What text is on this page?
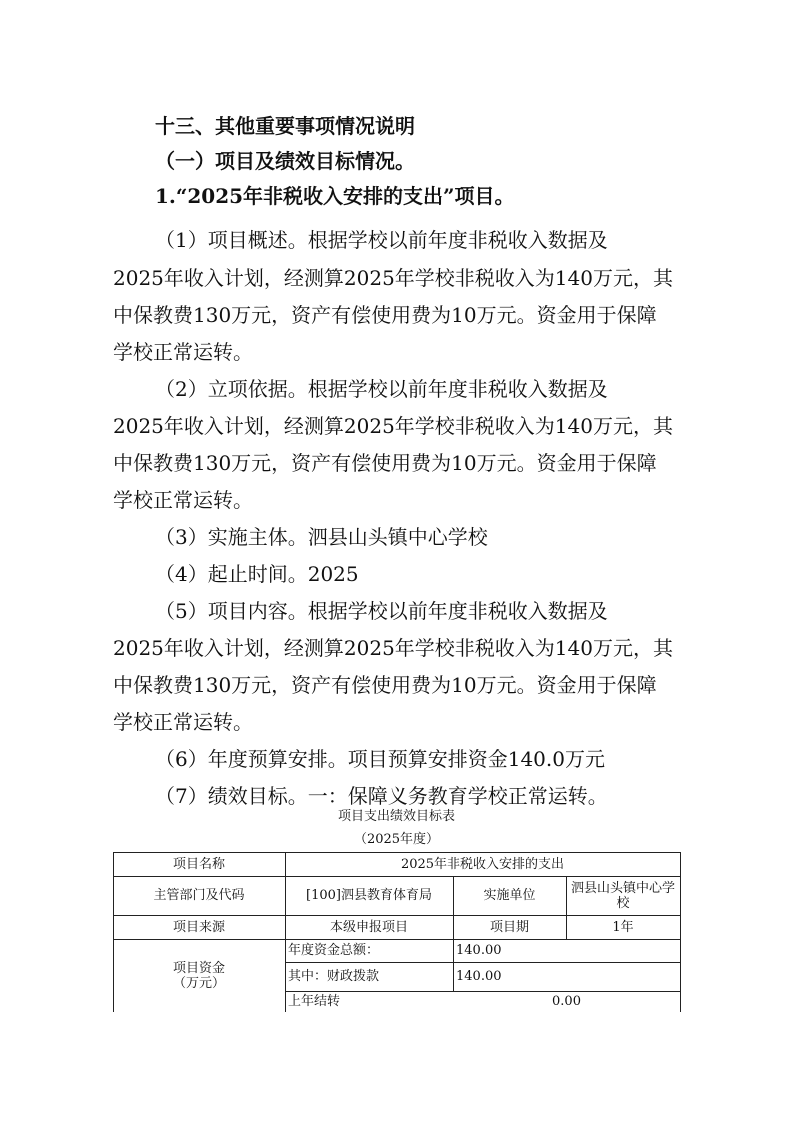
十三、其他重要事项情况说明
（一）项目及绩效目标情况。
1.“2025年非税收入安排的支出”项目。
（1）项目概述。根据学校以前年度非税收入数据及
2025年收入计划，经测算2025年学校非税收入为140万元，其
中保教费130万元，资产有偿使用费为10万元。资金用于保障
学校正常运转。
（2）立项依据。根据学校以前年度非税收入数据及
2025年收入计划，经测算2025年学校非税收入为140万元，其
中保教费130万元，资产有偿使用费为10万元。资金用于保障
学校正常运转。
（3）实施主体。泗县山头镇中心学校
（4）起止时间。2025
（5）项目内容。根据学校以前年度非税收入数据及
2025年收入计划，经测算2025年学校非税收入为140万元，其
中保教费130万元，资产有偿使用费为10万元。资金用于保障
学校正常运转。
（6）年度预算安排。项目预算安排资金140.0万元
（7）绩效目标。一：保障义务教育学校正常运转。
项目支出绩效目标表
（2025年度）
项目名称	2025年非税收入安排的支出
主管部门及代码	[100]泗县教育体育局	实施单位	泗县山头镇中心学
校
项目来源	本级申报项目	项目期	1年
项目资金
（万元）
年度资金总额：	140.00
其中：财政拨款	140.00
上年结转	0.00
